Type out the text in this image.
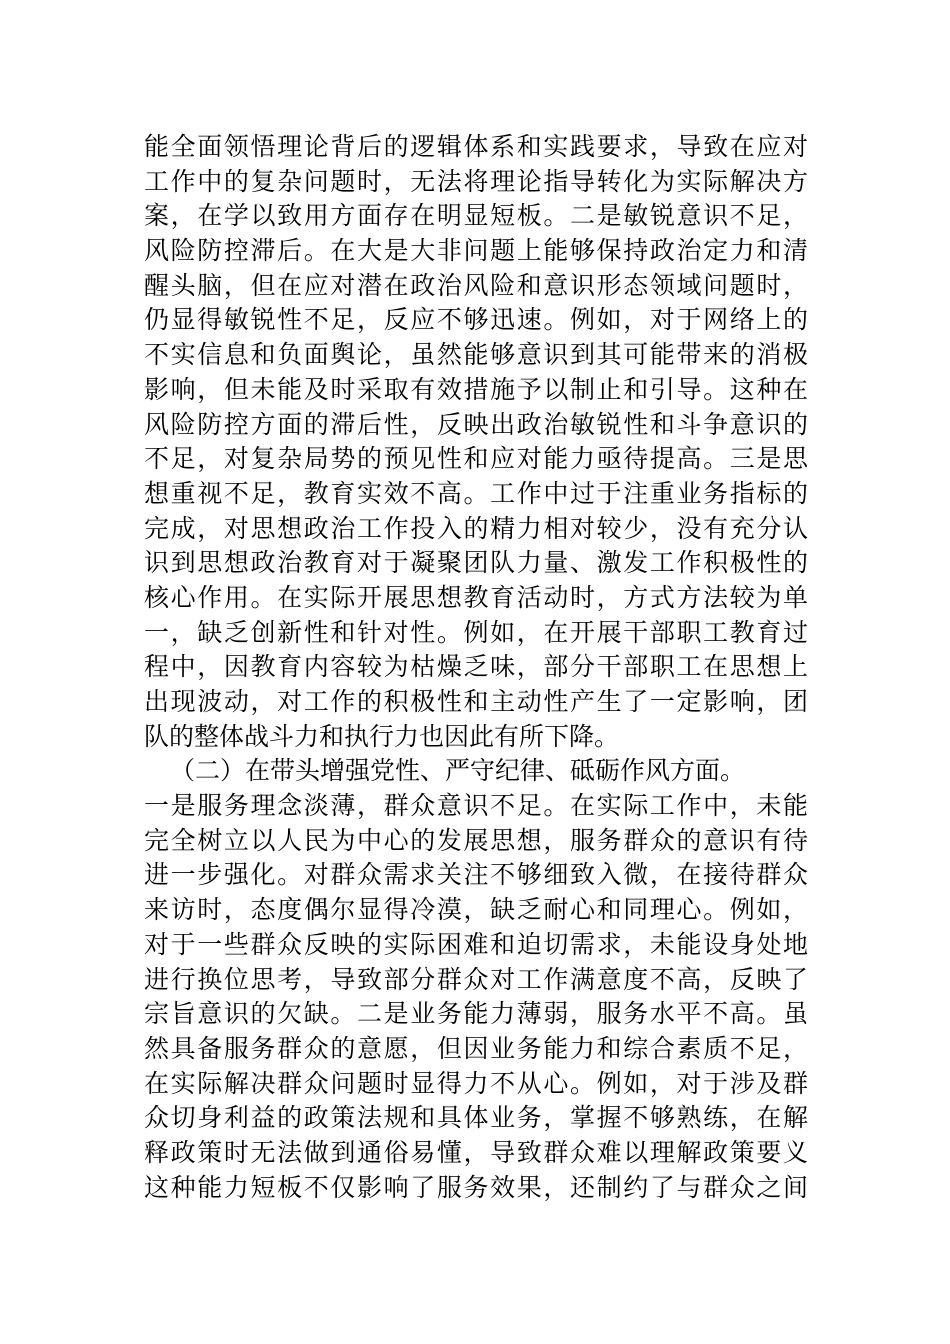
能全面领悟理论背后的逻辑体系和实践要求，导致在应对
工作中的复杂问题时，无法将理论指导转化为实际解决方
案，在学以致用方面存在明显短板。二是敏锐意识不足，
风险防控滞后。在大是大非问题上能够保持政治定力和清
醒头脑，但在应对潜在政治风险和意识形态领域问题时，
仍显得敏锐性不足，反应不够迅速。例如，对于网络上的
不实信息和负面舆论，虽然能够意识到其可能带来的消极
影响，但未能及时采取有效措施予以制止和引导。这种在
风险防控方面的滞后性，反映出政治敏锐性和斗争意识的
不足，对复杂局势的预见性和应对能力亟待提高。三是思
想重视不足，教育实效不高。工作中过于注重业务指标的
完成，对思想政治工作投入的精力相对较少，没有充分认
识到思想政治教育对于凝聚团队力量、激发工作积极性的
核心作用。在实际开展思想教育活动时，方式方法较为单
一，缺乏创新性和针对性。例如，在开展干部职工教育过
程中，因教育内容较为枯燥乏味，部分干部职工在思想上
出现波动，对工作的积极性和主动性产生了一定影响，团
队的整体战斗力和执行力也因此有所下降。
（二）在带头增强党性、严守纪律、砥砺作风方面。
一是服务理念淡薄，群众意识不足。在实际工作中，未能
完全树立以人民为中心的发展思想，服务群众的意识有待
进一步强化。对群众需求关注不够细致入微，在接待群众
来访时，态度偶尔显得冷漠，缺乏耐心和同理心。例如，
对于一些群众反映的实际困难和迫切需求，未能设身处地
进行换位思考，导致部分群众对工作满意度不高，反映了
宗旨意识的欠缺。二是业务能力薄弱，服务水平不高。虽
然具备服务群众的意愿，但因业务能力和综合素质不足，
在实际解决群众问题时显得力不从心。例如，对于涉及群
众切身利益的政策法规和具体业务，掌握不够熟练，在解
释政策时无法做到通俗易懂，导致群众难以理解政策要义
这种能力短板不仅影响了服务效果，还制约了与群众之间
